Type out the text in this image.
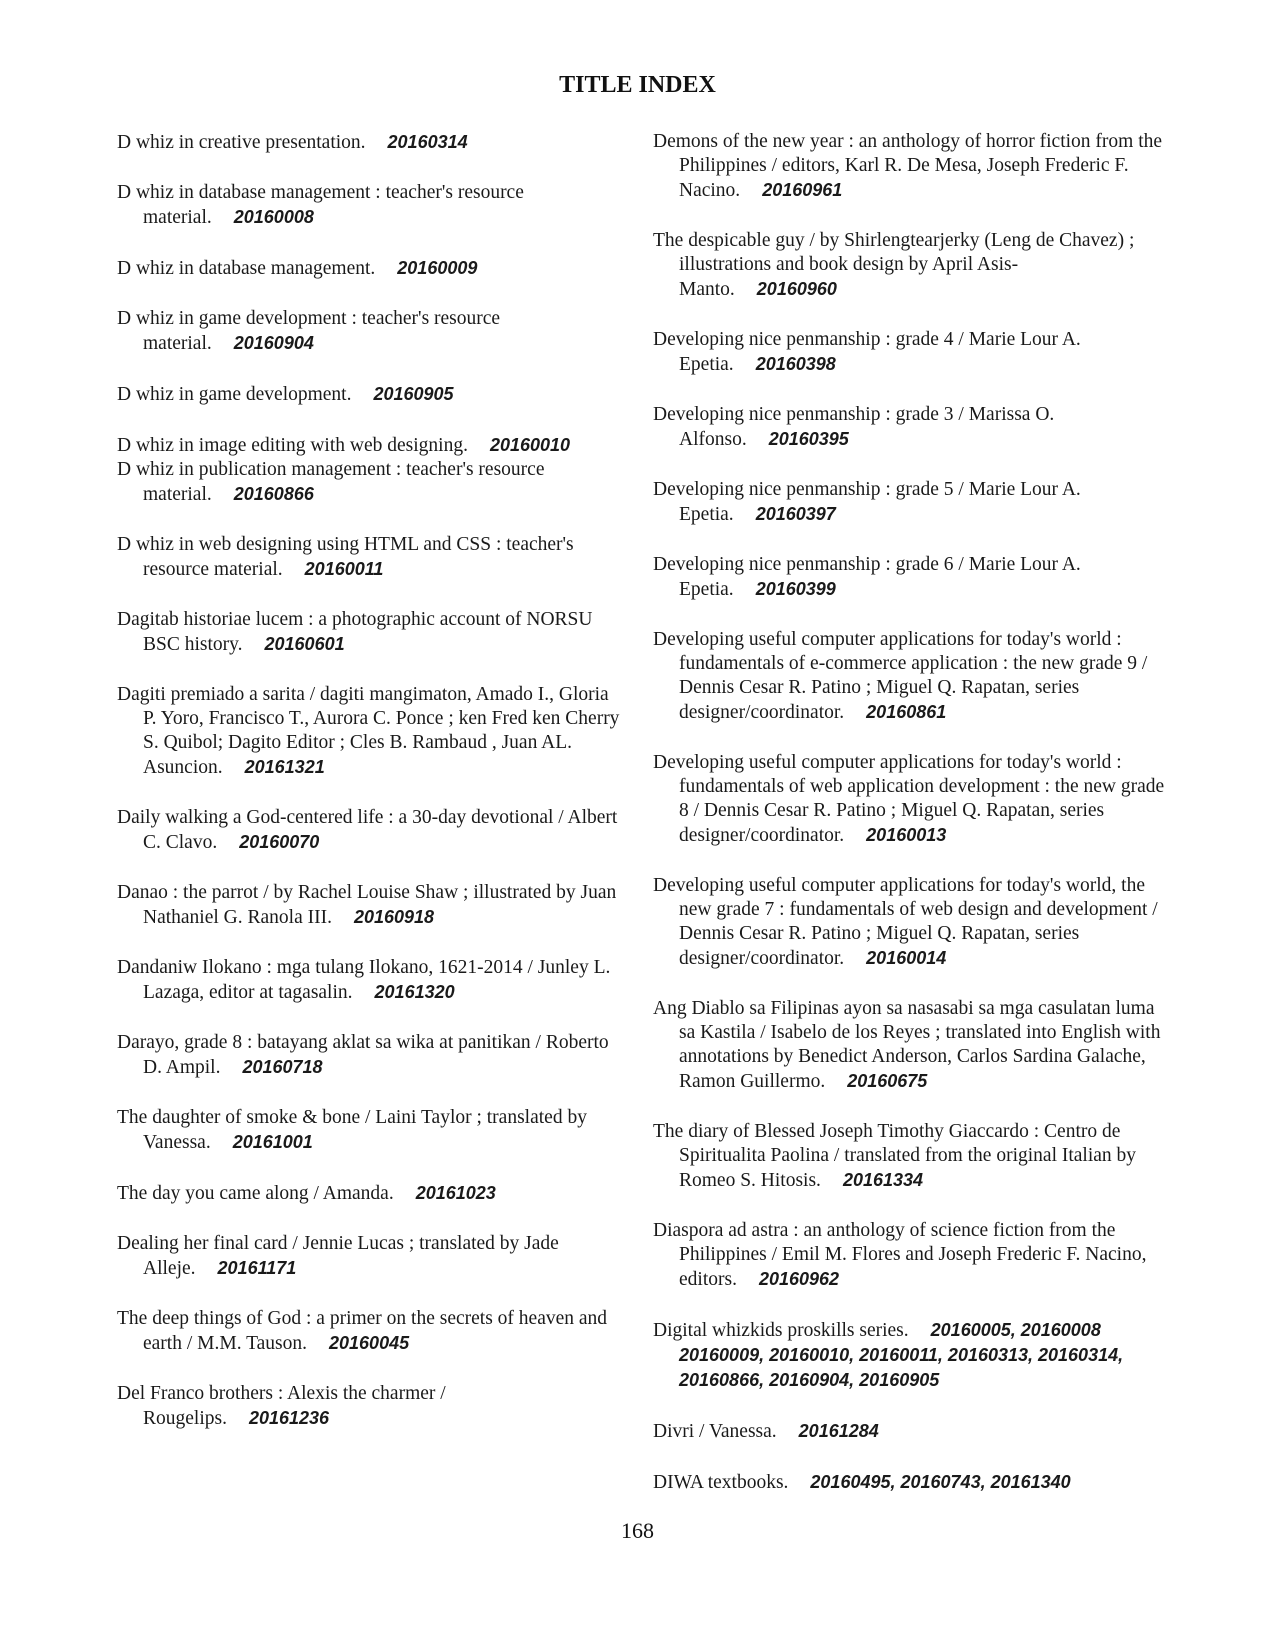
TITLE INDEX

D whiz in creative presentation. 20160314

D whiz in database management : teacher's resource material. 20160008

D whiz in database management. 20160009

D whiz in game development : teacher's resource material. 20160904

D whiz in game development. 20160905

D whiz in image editing with web designing. 20160010

D whiz in publication management : teacher's resource material. 20160866

D whiz in web designing using HTML and CSS : teacher's resource material. 20160011

Dagitab historiae lucem : a photographic account of NORSU BSC history. 20160601

Dagiti premiado a sarita / dagiti mangimaton, Amado I., Gloria P. Yoro, Francisco T., Aurora C. Ponce ; ken Fred ken Cherry S. Quibol; Dagito Editor ; Cles B. Rambaud , Juan AL. Asuncion. 20161321

Daily walking a God-centered life : a 30-day devotional / Albert C. Clavo. 20160070

Danao : the parrot / by Rachel Louise Shaw ; illustrated by Juan Nathaniel G. Ranola III. 20160918

Dandaniw Ilokano : mga tulang Ilokano, 1621-2014 / Junley L. Lazaga, editor at tagasalin. 20161320

Darayo, grade 8 : batayang aklat sa wika at panitikan / Roberto D. Ampil. 20160718

The daughter of smoke & bone / Laini Taylor ; translated by Vanessa. 20161001

The day you came along / Amanda. 20161023

Dealing her final card / Jennie Lucas ; translated by Jade Alleje. 20161171

The deep things of God : a primer on the secrets of heaven and earth / M.M. Tauson. 20160045

Del Franco brothers : Alexis the charmer / Rougelips. 20161236

Demons of the new year : an anthology of horror fiction from the Philippines / editors, Karl R. De Mesa, Joseph Frederic F. Nacino. 20160961

The despicable guy / by Shirlengtearjerky (Leng de Chavez) ; illustrations and book design by April Asis-Manto. 20160960

Developing nice penmanship : grade 4 / Marie Lour A. Epetia. 20160398

Developing nice penmanship : grade 3 / Marissa O. Alfonso. 20160395

Developing nice penmanship : grade 5 / Marie Lour A. Epetia. 20160397

Developing nice penmanship : grade 6 / Marie Lour A. Epetia. 20160399

Developing useful computer applications for today's world : fundamentals of e-commerce application : the new grade 9 / Dennis Cesar R. Patino ; Miguel Q. Rapatan, series designer/coordinator. 20160861

Developing useful computer applications for today's world : fundamentals of web application development : the new grade 8 / Dennis Cesar R. Patino ; Miguel Q. Rapatan, series designer/coordinator. 20160013

Developing useful computer applications for today's world, the new grade 7 : fundamentals of web design and development / Dennis Cesar R. Patino ; Miguel Q. Rapatan, series designer/coordinator. 20160014

Ang Diablo sa Filipinas ayon sa nasasabi sa mga casulatan luma sa Kastila / Isabelo de los Reyes ; translated into English with annotations by Benedict Anderson, Carlos Sardina Galache, Ramon Guillermo. 20160675

The diary of Blessed Joseph Timothy Giaccardo : Centro de Spiritualita Paolina / translated from the original Italian by Romeo S. Hitosis. 20161334

Diaspora ad astra : an anthology of science fiction from the Philippines / Emil M. Flores and Joseph Frederic F. Nacino, editors. 20160962

Digital whizkids proskills series. 20160005, 20160008 20160009, 20160010, 20160011, 20160313, 20160314, 20160866, 20160904, 20160905

Divri / Vanessa. 20161284

DIWA textbooks. 20160495, 20160743, 20161340

168
